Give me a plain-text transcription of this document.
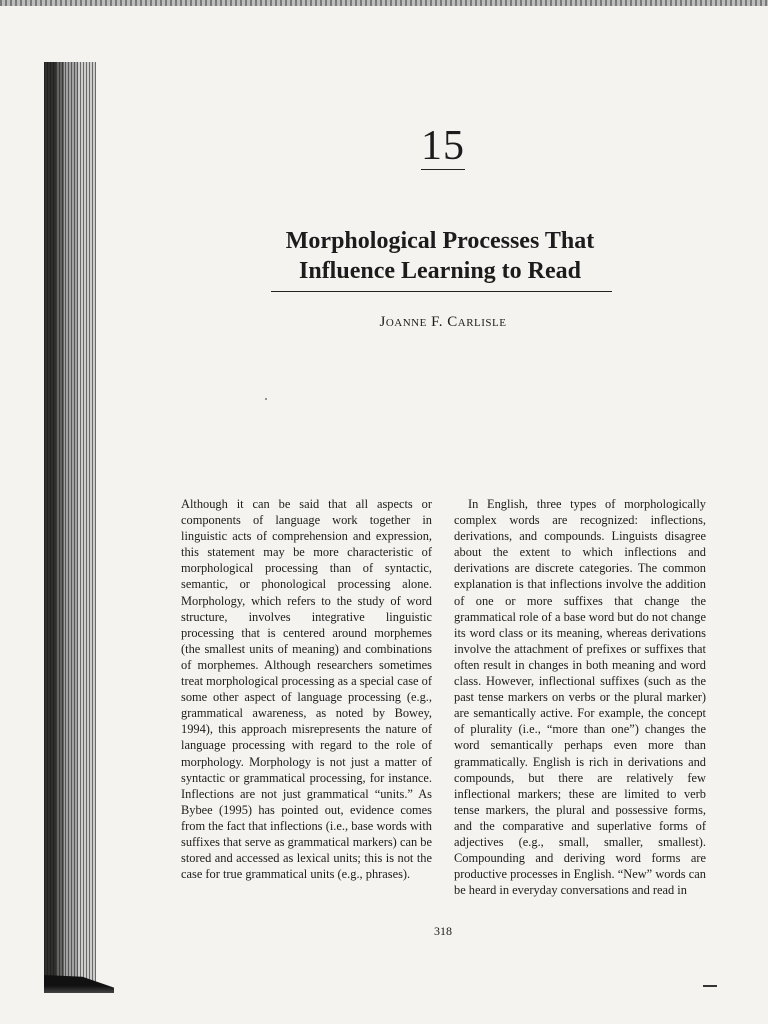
15
Morphological Processes That
Influence Learning to Read
Joanne F. Carlisle

Although it can be said that all aspects or components of language work together in linguistic acts of comprehension and expression, this statement may be more characteristic of morphological processing than of syntactic, semantic, or phonological processing alone. Morphology, which refers to the study of word structure, involves integrative linguistic processing that is centered around morphemes (the smallest units of meaning) and combinations of morphemes. Although researchers sometimes treat morphological processing as a special case of some other aspect of language processing (e.g., grammatical awareness, as noted by Bowey, 1994), this approach misrepresents the nature of language processing with regard to the role of morphology. Morphology is not just a matter of syntactic or grammatical processing, for instance. Inflections are not just grammatical “units.” As Bybee (1995) has pointed out, evidence comes from the fact that inflections (i.e., base words with suffixes that serve as grammatical markers) can be stored and accessed as lexical units; this is not the case for true grammatical units (e.g., phrases).

In English, three types of morphologically complex words are recognized: inflections, derivations, and compounds. Linguists disagree about the extent to which inflections and derivations are discrete categories. The common explanation is that inflections involve the addition of one or more suffixes that change the grammatical role of a base word but do not change its word class or its meaning, whereas derivations involve the attachment of prefixes or suffixes that often result in changes in both meaning and word class. However, inflectional suffixes (such as the past tense markers on verbs or the plural marker) are semantically active. For example, the concept of plurality (i.e., “more than one”) changes the word semantically perhaps even more than grammatically. English is rich in derivations and compounds, but there are relatively few inflectional markers; these are limited to verb tense markers, the plural and possessive forms, and the comparative and superlative forms of adjectives (e.g., small, smaller, smallest). Compounding and deriving word forms are productive processes in English. “New” words can be heard in everyday conversations and read in

318
